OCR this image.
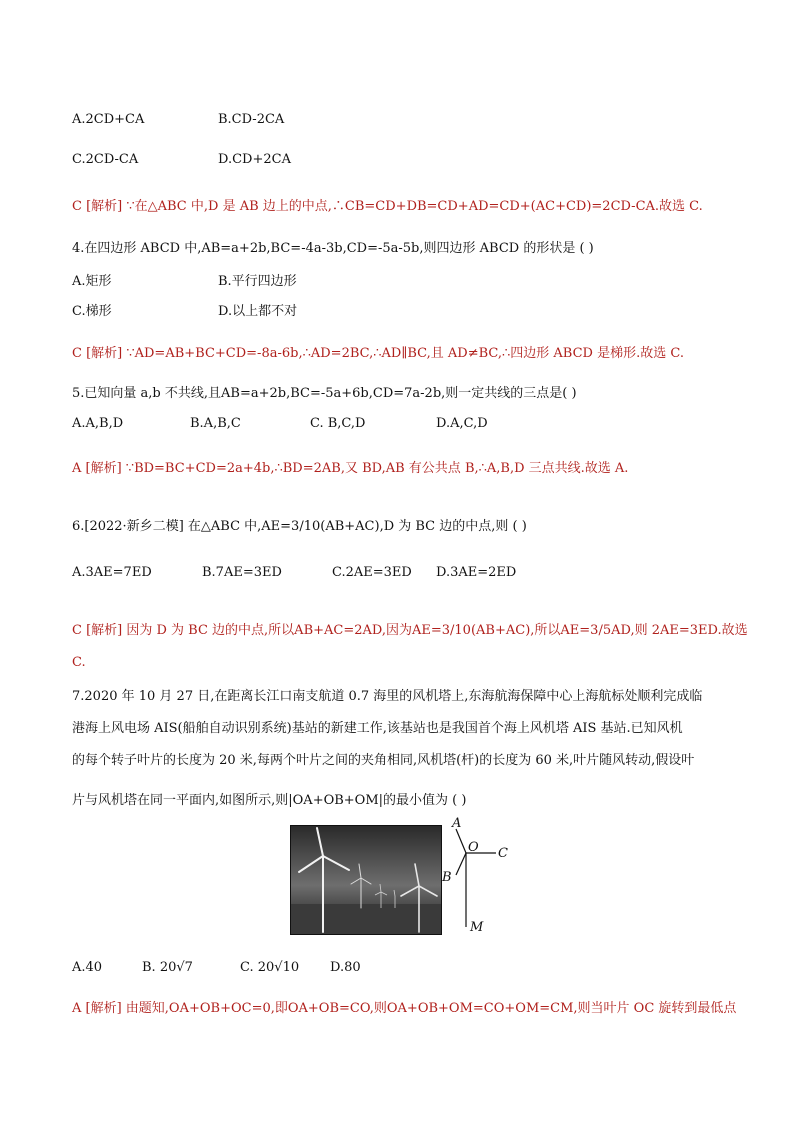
A.2CD+CA	B.CD-2CA
C.2CD-CA	D.CD+2CA
C [解析] ∵在△ABC 中,D 是 AB 边上的中点,∴CB=CD+DB=CD+AD=CD+(AC+CD)=2CD-CA.故选 C.
4.在四边形 ABCD 中,AB=a+2b,BC=-4a-3b,CD=-5a-5b,则四边形 ABCD 的形状是 ( )
A.矩形	B.平行四边形
C.梯形	D.以上都不对
C [解析] ∵AD=AB+BC+CD=-8a-6b,∴AD=2BC,∴AD∥BC,且 AD≠BC,∴四边形 ABCD 是梯形.故选 C.
5.已知向量 a,b 不共线,且AB=a+2b,BC=-5a+6b,CD=7a-2b,则一定共线的三点是( )
A.A,B,D	B.A,B,C	C. B,C,D	D.A,C,D
A [解析] ∵BD=BC+CD=2a+4b,∴BD=2AB,又 BD,AB 有公共点 B,∴A,B,D 三点共线.故选 A.
6.[2022·新乡二模] 在△ABC 中,AE=3/10(AB+AC),D 为 BC 边的中点,则 ( )
A.3AE=7ED	B.7AE=3ED	C.2AE=3ED D.3AE=2ED
C [解析] 因为 D 为 BC 边的中点,所以AB+AC=2AD,因为AE=3/10(AB+AC),所以AE=3/5AD,则 2AE=3ED.故选
C.
7.2020 年 10 月 27 日,在距离长江口南支航道 0.7 海里的风机塔上,东海航海保障中心上海航标处顺利完成临
港海上风电场 AIS(船舶自动识别系统)基站的新建工作,该基站也是我国首个海上风机塔 AIS 基站.已知风机
的每个转子叶片的长度为 20 米,每两个叶片之间的夹角相同,风机塔(杆)的长度为 60 米,叶片随风转动,假设叶
片与风机塔在同一平面内,如图所示,则|OA+OB+OM|的最小值为 ( )
A
O C
B
M
A.40	B. 20√7	C. 20√10 D.80
A [解析] 由题知,OA+OB+OC=0,即OA+OB=CO,则OA+OB+OM=CO+OM=CM,则当叶片 OC 旋转到最低点
